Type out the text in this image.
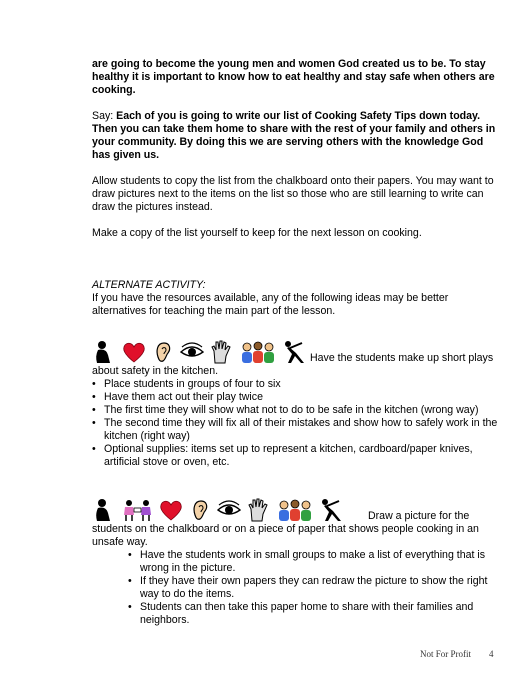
are going to become the young men and women God created us to be. To stay healthy it is important to know how to eat healthy and stay safe when others are cooking.

Say: Each of you is going to write our list of Cooking Safety Tips down today. Then you can take them home to share with the rest of your family and others in your community. By doing this we are serving others with the knowledge God has given us.

Allow students to copy the list from the chalkboard onto their papers. You may want to draw pictures next to the items on the list so those who are still learning to write can draw the pictures instead.

Make a copy of the list yourself to keep for the next lesson on cooking.

ALTERNATE ACTIVITY:

If you have the resources available, any of the following ideas may be better alternatives for teaching the main part of the lesson.

Have the students make up short plays about safety in the kitchen.

• Place students in groups of four to six
• Have them act out their play twice
• The first time they will show what not to do to be safe in the kitchen (wrong way)
• The second time they will fix all of their mistakes and show how to safely work in the kitchen (right way)
• Optional supplies: items set up to represent a kitchen, cardboard/paper knives, artificial stove or oven, etc.

Draw a picture for the students on the chalkboard or on a piece of paper that shows people cooking in an unsafe way.

• Have the students work in small groups to make a list of everything that is wrong in the picture.
• If they have their own papers they can redraw the picture to show the right way to do the items.
• Students can then take this paper home to share with their families and neighbors.
Not For Profit 4
